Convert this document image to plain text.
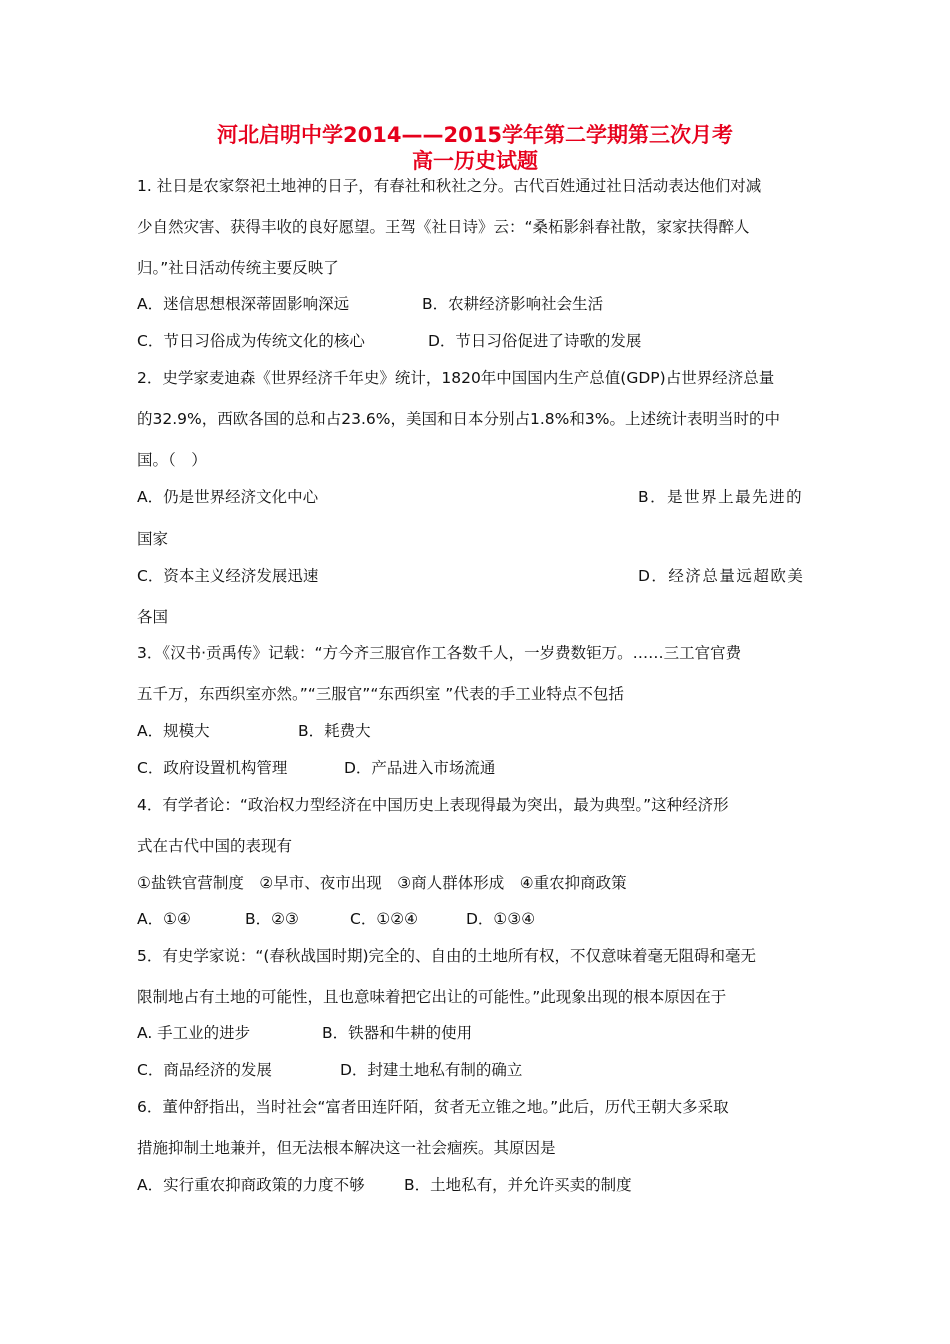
河北启明中学2014——2015学年第二学期第三次月考
高一历史试题
1. 社日是农家祭祀土地神的日子，有春社和秋社之分。古代百姓通过社日活动表达他们对减
少自然灾害、获得丰收的良好愿望。王驾《社日诗》云：“桑柘影斜春社散，家家扶得醉人
归。”社日活动传统主要反映了
A．迷信思想根深蒂固影响深远	B．农耕经济影响社会生活
C．节日习俗成为传统文化的核心	D．节日习俗促进了诗歌的发展
2．史学家麦迪森《世界经济千年史》统计，1820年中国国内生产总值(GDP)占世界经济总量
的32.9%，西欧各国的总和占23.6%，美国和日本分别占1.8%和3%。上述统计表明当时的中
国。（　）
A．仍是世界经济文化中心	B．是世界上最先进的
国家
C．资本主义经济发展迅速	D．经济总量远超欧美
各国
3．《汉书·贡禹传》记载：“方今齐三服官作工各数千人，一岁费数钜万。……三工官官费
五千万，东西织室亦然。”“三服官”“东西织室 ”代表的手工业特点不包括
A．规模大	B．耗费大
C．政府设置机构管理	D．产品进入市场流通
4．有学者论：“政治权力型经济在中国历史上表现得最为突出，最为典型。”这种经济形
式在古代中国的表现有
①盐铁官营制度　②早市、夜市出现　③商人群体形成　④重农抑商政策
A．①④	B．②③	C．①②④	D．①③④
5．有史学家说：“(春秋战国时期)完全的、自由的土地所有权，不仅意味着毫无阻碍和毫无
限制地占有土地的可能性，且也意味着把它出让的可能性。”此现象出现的根本原因在于
A. 手工业的进步	B．铁器和牛耕的使用
C．商品经济的发展	D．封建土地私有制的确立
6．董仲舒指出，当时社会“富者田连阡陌，贫者无立锥之地。”此后，历代王朝大多采取
措施抑制土地兼并，但无法根本解决这一社会痼疾。其原因是
A．实行重农抑商政策的力度不够	B．土地私有，并允许买卖的制度
